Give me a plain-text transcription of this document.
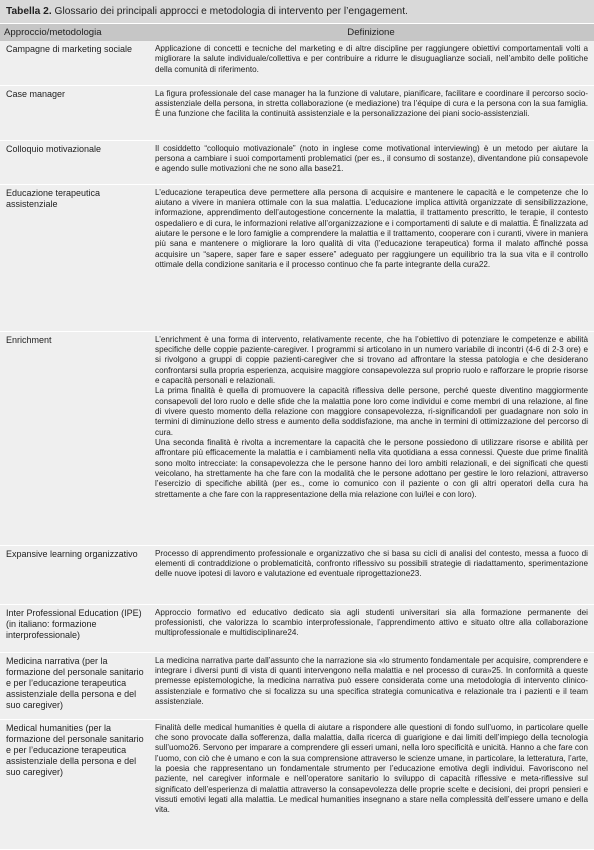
Tabella 2. Glossario dei principali approcci e metodologia di intervento per l’engagement.
Approccio/metodologia	Definizione
Campagne di marketing sociale	Applicazione di concetti e tecniche del marketing e di altre discipline per raggiungere obiettivi comportamentali volti a migliorare la salute individuale/collettiva e per contribuire a ridurre le disuguaglianze sociali, nell’ambito delle politiche della comunità di riferimento.

Case manager	La figura professionale del case manager ha la funzione di valutare, pianificare, facilitare e coordinare il percorso socio-assistenziale della persona, in stretta collaborazione (e mediazione) tra l’équipe di cura e la persona con la sua famiglia. È una funzione che facilita la continuità assistenziale e la personalizzazione dei piani socio-assistenziali.

Colloquio motivazionale	Il cosiddetto “colloquio motivazionale” (noto in inglese come motivational interviewing) è un metodo per aiutare la persona a cambiare i suoi comportamenti problematici (per es., il consumo di sostanze), diventandone più consapevole e agendo sulle motivazioni che ne sono alla base21.

Educazione terapeutica assistenziale	L’educazione terapeutica deve permettere alla persona di acquisire e mantenere le capacità e le competenze che lo aiutano a vivere in maniera ottimale con la sua malattia. L’educazione implica attività organizzate di sensibilizzazione, informazione, apprendimento dell’autogestione concernente la malattia, il trattamento prescritto, le terapie, il contesto ospedaliero e di cura, le informazioni relative all’organizzazione e i comportamenti di salute e di malattia. È finalizzata ad aiutare le persone e le loro famiglie a comprendere la malattia e il trattamento, cooperare con i curanti, vivere in maniera più sana e mantenere o migliorare la loro qualità di vita (l’educazione terapeutica) forma il malato affinché possa acquisire un “sapere, saper fare e saper essere” adeguato per raggiungere un equilibrio tra la sua vita e il controllo ottimale della condizione sanitaria e il processo continuo che fa parte integrante della cura22.

Enrichment	L’enrichment è una forma di intervento, relativamente recente, che ha l’obiettivo di potenziare le competenze e abilità specifiche delle coppie paziente-caregiver. I programmi si articolano in un numero variabile di incontri (4-6 di 2-3 ore) e si rivolgono a gruppi di coppie pazienti-caregiver che si trovano ad affrontare la stessa patologia e che desiderano confrontarsi sulla propria esperienza, acquisire maggiore consapevolezza sul proprio ruolo e rafforzare le proprie risorse e capacità personali e relazionali.
La prima finalità è quella di promuovere la capacità riflessiva delle persone, perché queste diventino maggiormente consapevoli del loro ruolo e delle sfide che la malattia pone loro come individui e come membri di una relazione, al fine di vivere questo momento della relazione con maggiore consapevolezza, ri-significandoli per guadagnare non solo in termini di diminuzione dello stress e aumento della soddisfazione, ma anche in termini di ottimizzazione del percorso di cura.
Una seconda finalità è rivolta a incrementare la capacità che le persone possiedono di utilizzare risorse e abilità per affrontare più efficacemente la malattia e i cambiamenti nella vita quotidiana a essa connessi. Queste due prime finalità sono molto intrecciate: la consapevolezza che le persone hanno dei loro ambiti relazionali, e dei significati che questi veicolano, ha strettamente ha che fare con la modalità che le persone adottano per gestire le loro relazioni, attraverso l’esercizio di specifiche abilità (per es., come io comunico con il paziente o con gli altri operatori della cura ha strettamente a che fare con la rappresentazione della mia relazione con lui/lei e con loro).

Expansive learning organizzativo	Processo di apprendimento professionale e organizzativo che si basa su cicli di analisi del contesto, messa a fuoco di elementi di contraddizione o problematicità, confronto riflessivo su possibili strategie di riadattamento, sperimentazione delle nuove ipotesi di lavoro e valutazione ed eventuale riprogettazione23.

Inter Professional Education (IPE) (in italiano: formazione interprofessionale)	Approccio formativo ed educativo dedicato sia agli studenti universitari sia alla formazione permanente dei professionisti, che valorizza lo scambio interprofessionale, l’apprendimento attivo e situato oltre alla collaborazione multiprofessionale e multidisciplinare24.

Medicina narrativa (per la formazione del personale sanitario e per l’educazione terapeutica assistenziale della persona e del suo caregiver)	La medicina narrativa parte dall’assunto che la narrazione sia «lo strumento fondamentale per acquisire, comprendere e integrare i diversi punti di vista di quanti intervengono nella malattia e nel processo di cura»25. In conformità a queste premesse epistemologiche, la medicina narrativa può essere considerata come una metodologia di intervento clinico-assistenziale e formativo che si focalizza su una specifica strategia comunicativa e relazionale tra i pazienti e il team assistenziale.

Medical humanities (per la formazione del personale sanitario e per l’educazione terapeutica assistenziale della persona e del suo caregiver)	Finalità delle medical humanities è quella di aiutare a rispondere alle questioni di fondo sull’uomo, in particolare quelle che sono provocate dalla sofferenza, dalla malattia, dalla ricerca di guarigione e dai limiti dell’impiego della tecnologia sull’uomo26. Servono per imparare a comprendere gli esseri umani, nella loro specificità e unicità. Hanno a che fare con l’uomo, con ciò che è umano e con la sua comprensione attraverso le scienze umane, in particolare, la letteratura, l’arte, la poesia che rappresentano un fondamentale strumento per l’educazione emotiva degli individui. Favoriscono nel paziente, nel caregiver informale e nell’operatore sanitario lo sviluppo di capacità riflessive e meta-riflessive sul significato dell’esperienza di malattia attraverso la consapevolezza delle proprie scelte e decisioni, dei propri pensieri e vissuti emotivi legati alla malattia. Le medical humanities insegnano a stare nella complessità dell’essere umano e della vita.
